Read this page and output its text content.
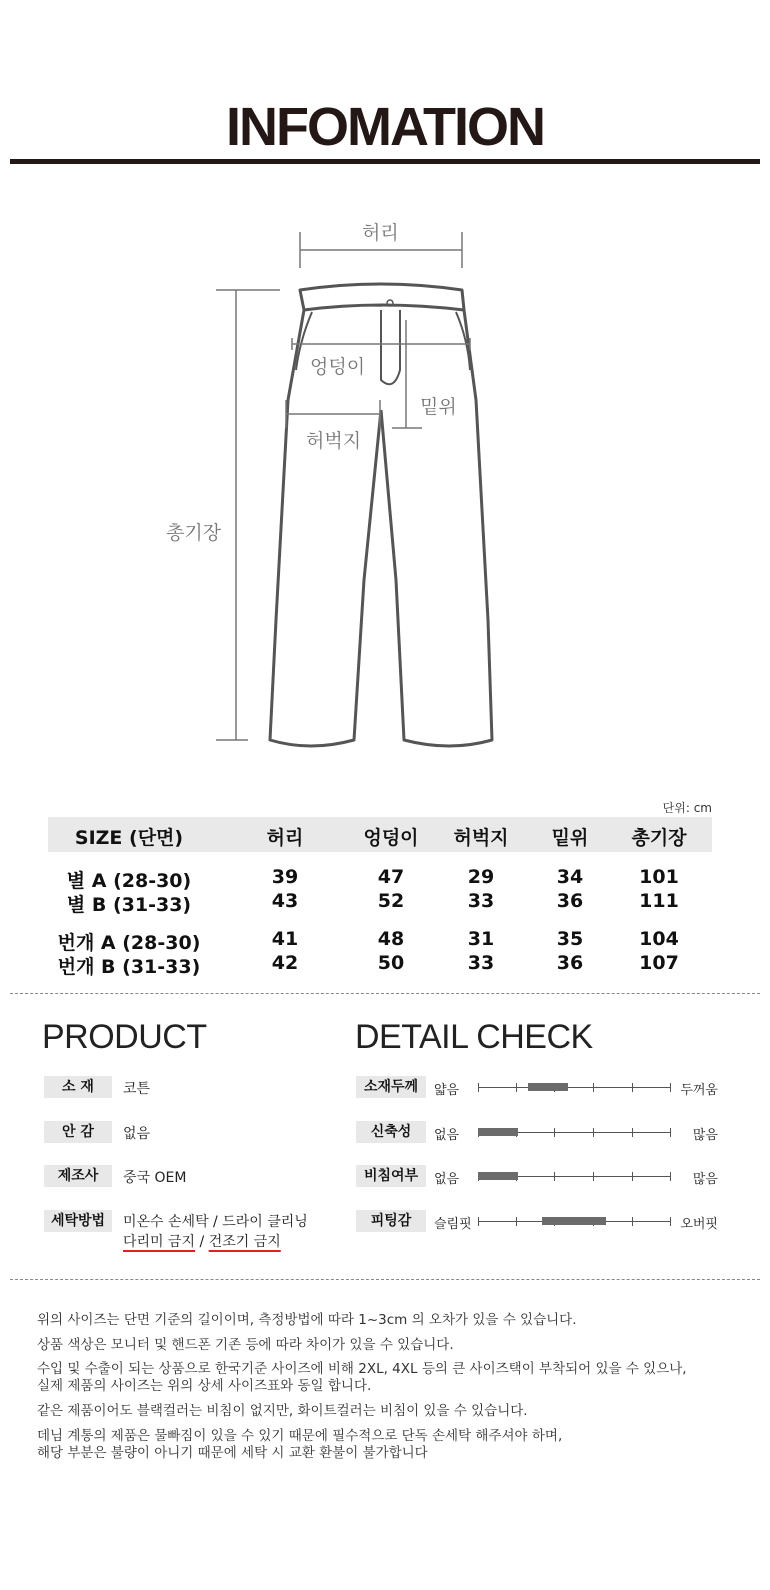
INFOMATION
허리
엉덩이
밑위
허벅지
총기장
단위: cm
SIZE (단면)	허리	엉덩이 허벅지 밑위 총기장
별 A (28-30)	39	47	29	34	101
별 B (31-33)	43	52	33	36	111
번개 A (28-30)	41	48	31	35	104
번개 B (31-33)	42	50	33	36	107
PRODUCT
소 재	코튼
안 감	없음
제조사	중국 OEM
세탁방법	미온수 손세탁 / 드라이 클리닝
다리미 금지 / 건조기 금지
DETAIL CHECK
소재두께	얇음	두꺼움
신축성	없음	많음
비침여부	없음	많음
피팅감	슬림핏	오버핏
위의 사이즈는 단면 기준의 길이이며, 측정방법에 따라 1~3cm 의 오차가 있을 수 있습니다.
상품 색상은 모니터 및 핸드폰 기존 등에 따라 차이가 있을 수 있습니다.
수입 및 수출이 되는 상품으로 한국기준 사이즈에 비해 2XL, 4XL 등의 큰 사이즈택이 부착되어 있을 수 있으나,
실제 제품의 사이즈는 위의 상세 사이즈표와 동일 합니다.
같은 제품이어도 블랙컬러는 비침이 없지만, 화이트컬러는 비침이 있을 수 있습니다.
데님 계통의 제품은 물빠짐이 있을 수 있기 때문에 필수적으로 단독 손세탁 해주셔야 하며,
해당 부분은 불량이 아니기 때문에 세탁 시 교환 환불이 불가합니다
